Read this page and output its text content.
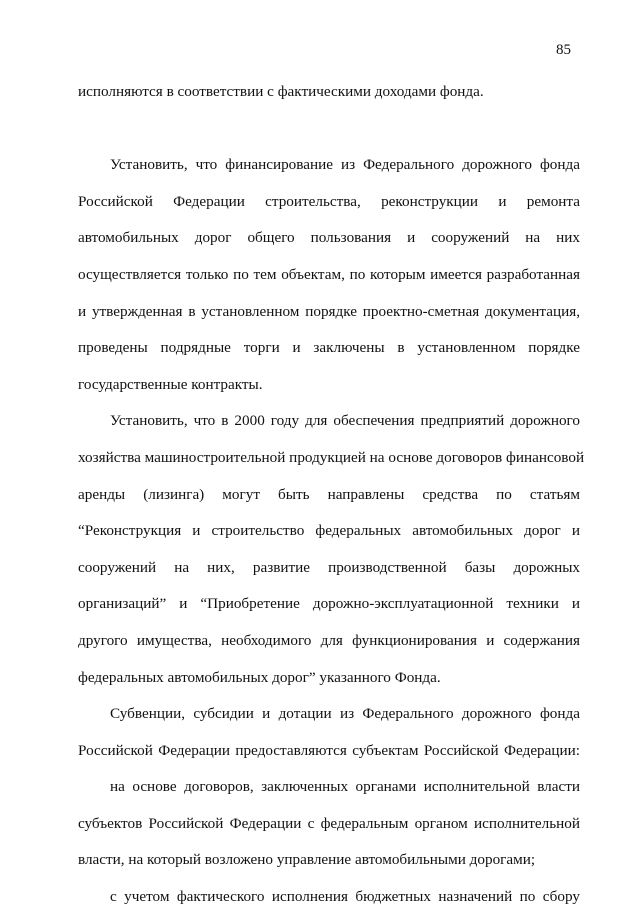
85
исполняются в соответствии с фактическими доходами фонда.
Установить, что финансирование из Федерального дорожного фонда
Российской Федерации строительства, реконструкции и ремонта
автомобильных дорог общего пользования и сооружений на них
осуществляется только по тем объектам, по которым имеется разработанная
и утвержденная в установленном порядке проектно-сметная документация,
проведены подрядные торги и заключены в установленном порядке
государственные контракты.
Установить, что в 2000 году для обеспечения предприятий дорожного
хозяйства машиностроительной продукцией на основе договоров финансовой
аренды (лизинга) могут быть направлены средства по статьям
“Реконструкция и строительство федеральных автомобильных дорог и
сооружений на них, развитие производственной базы дорожных
организаций” и “Приобретение дорожно-эксплуатационной техники и
другого имущества, необходимого для функционирования и содержания
федеральных автомобильных дорог” указанного Фонда.
Субвенции, субсидии и дотации из Федерального дорожного фонда
Российской Федерации предоставляются субъектам Российской Федерации:
на основе договоров, заключенных органами исполнительной власти
субъектов Российской Федерации с федеральным органом исполнительной
власти, на который возложено управление автомобильными дорогами;
с учетом фактического исполнения бюджетных назначений по сбору
